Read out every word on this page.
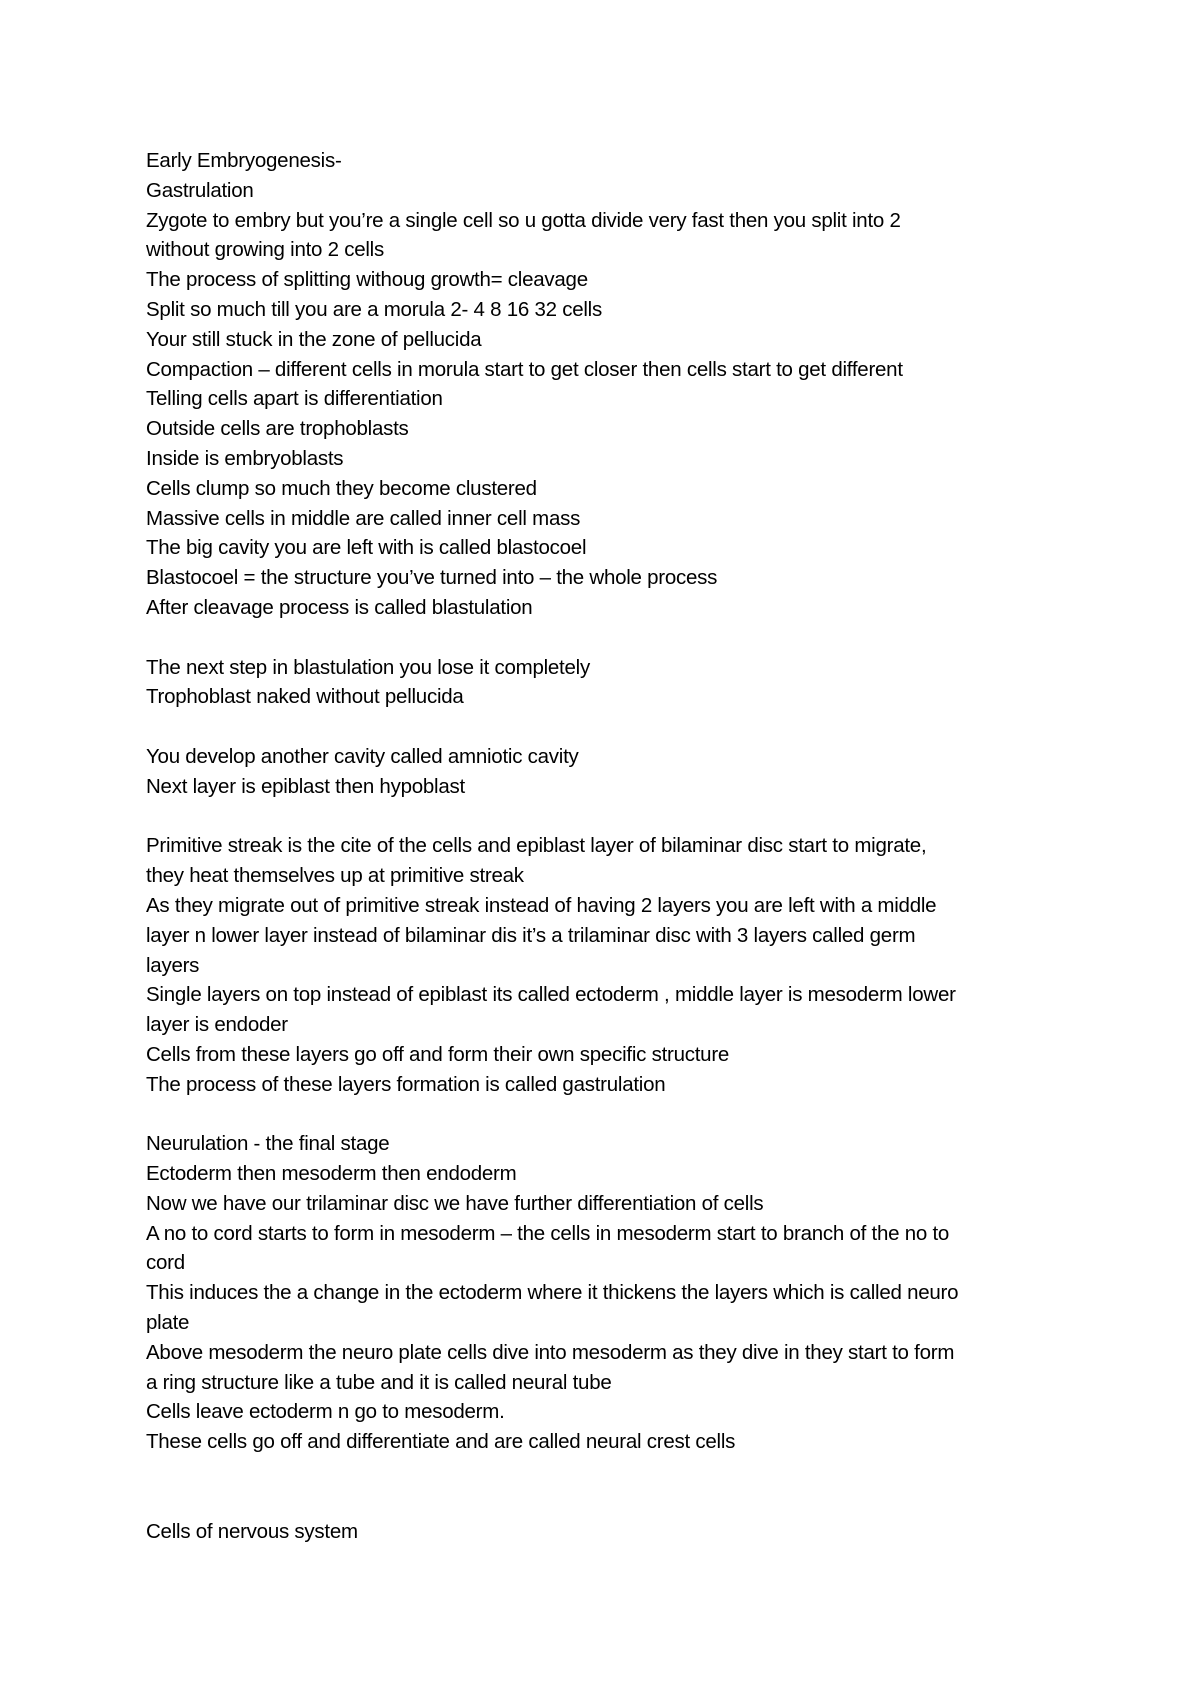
Early Embryogenesis-
Gastrulation
Zygote to embry but you’re a single cell so u gotta divide very fast then you split into 2
without growing into 2 cells
The process of splitting withoug growth= cleavage
Split so much till you are a morula 2- 4 8 16 32 cells
Your still stuck in the zone of pellucida
Compaction – different cells in morula start to get closer then cells start to get different
Telling cells apart is differentiation
Outside cells are trophoblasts
Inside is embryoblasts
Cells clump so much they become clustered
Massive cells in middle are called inner cell mass
The big cavity you are left with is called blastocoel
Blastocoel = the structure you’ve turned into – the whole process
After cleavage process is called blastulation
The next step in blastulation you lose it completely
Trophoblast naked without pellucida
You develop another cavity called amniotic cavity
Next layer is epiblast then hypoblast
Primitive streak is the cite of the cells and epiblast layer of bilaminar disc start to migrate,
they heat themselves up at primitive streak
As they migrate out of primitive streak instead of having 2 layers you are left with a middle
layer n lower layer instead of bilaminar dis it’s a trilaminar disc with 3 layers called germ
layers
Single layers on top instead of epiblast its called ectoderm , middle layer is mesoderm lower
layer is endoder
Cells from these layers go off and form their own specific structure
The process of these layers formation is called gastrulation
Neurulation - the final stage
Ectoderm then mesoderm then endoderm
Now we have our trilaminar disc we have further differentiation of cells
A no to cord starts to form in mesoderm – the cells in mesoderm start to branch of the no to
cord
This induces the a change in the ectoderm where it thickens the layers which is called neuro
plate
Above mesoderm the neuro plate cells dive into mesoderm as they dive in they start to form
a ring structure like a tube and it is called neural tube
Cells leave ectoderm n go to mesoderm.
These cells go off and differentiate and are called neural crest cells
Cells of nervous system
